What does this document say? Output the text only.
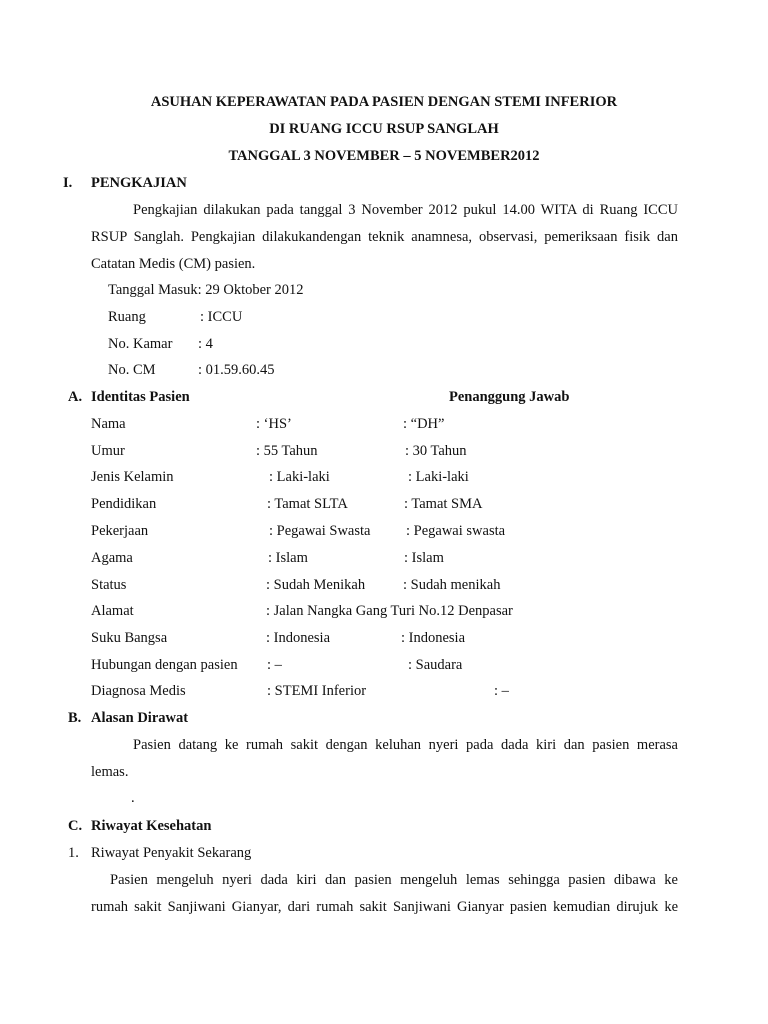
ASUHAN KEPERAWATAN PADA PASIEN DENGAN STEMI INFERIOR
DI RUANG ICCU RSUP SANGLAH
TANGGAL 3 NOVEMBER – 5 NOVEMBER2012
I. PENGKAJIAN
Pengkajian dilakukan pada tanggal 3 November 2012 pukul 14.00 WITA di Ruang ICCU
RSUP Sanglah. Pengkajian dilakukandengan teknik anamnesa, observasi, pemeriksaan fisik dan
Catatan Medis (CM) pasien.
Tanggal Masuk: 29 Oktober 2012
Ruang	: ICCU
No. Kamar : 4
No. CM	: 01.59.60.45
A. Identitas Pasien	Penanggung Jawab
Nama	: ‘HS’	: “DH”
Umur	: 55 Tahun	: 30 Tahun
Jenis Kelamin	: Laki-laki	: Laki-laki
Pendidikan	: Tamat SLTA	: Tamat SMA
Pekerjaan	: Pegawai Swasta : Pegawai swasta
Agama	: Islam	: Islam
Status	: Sudah Menikah	: Sudah menikah
Alamat	: Jalan Nangka Gang Turi No.12 Denpasar
Suku Bangsa	: Indonesia	: Indonesia
Hubungan dengan pasien : –	: Saudara
Diagnosa Medis	: STEMI Inferior	: –
B. Alasan Dirawat
Pasien datang ke rumah sakit dengan keluhan nyeri pada dada kiri dan pasien merasa
lemas.
.
C. Riwayat Kesehatan
1. Riwayat Penyakit Sekarang
Pasien mengeluh nyeri dada kiri dan pasien mengeluh lemas sehingga pasien dibawa ke
rumah sakit Sanjiwani Gianyar, dari rumah sakit Sanjiwani Gianyar pasien kemudian dirujuk ke
